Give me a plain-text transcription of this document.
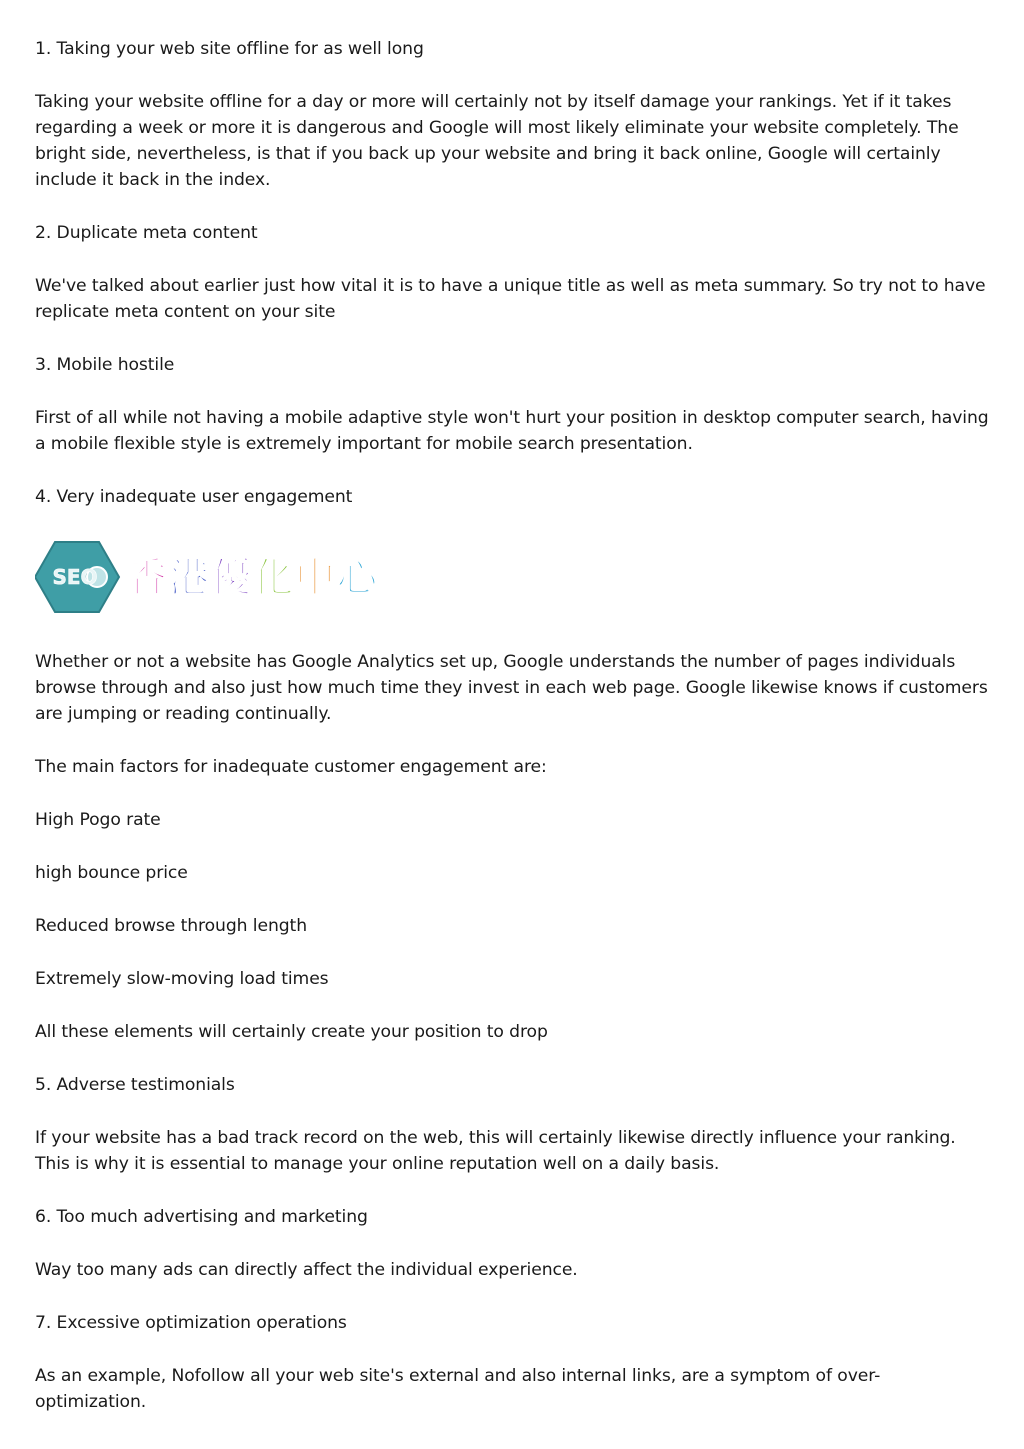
1. Taking your web site offline for as well long

Taking your website offline for a day or more will certainly not by itself damage your rankings. Yet if it takes regarding a week or more it is dangerous and Google will most likely eliminate your website completely. The bright side, nevertheless, is that if you back up your website and bring it back online, Google will certainly include it back in the index.

2. Duplicate meta content

We've talked about earlier just how vital it is to have a unique title as well as meta summary. So try not to have replicate meta content on your site

3. Mobile hostile

First of all while not having a mobile adaptive style won't hurt your position in desktop computer search, having a mobile flexible style is extremely important for mobile search presentation.

4. Very inadequate user engagement

SEO 香 港 優 化 中 心

Whether or not a website has Google Analytics set up, Google understands the number of pages individuals browse through and also just how much time they invest in each web page. Google likewise knows if customers are jumping or reading continually.

The main factors for inadequate customer engagement are:

High Pogo rate

high bounce price

Reduced browse through length

Extremely slow-moving load times

All these elements will certainly create your position to drop

5. Adverse testimonials

If your website has a bad track record on the web, this will certainly likewise directly influence your ranking. This is why it is essential to manage your online reputation well on a daily basis.

6. Too much advertising and marketing

Way too many ads can directly affect the individual experience.

7. Excessive optimization operations

As an example, Nofollow all your web site's external and also internal links, are a symptom of over-optimization.
